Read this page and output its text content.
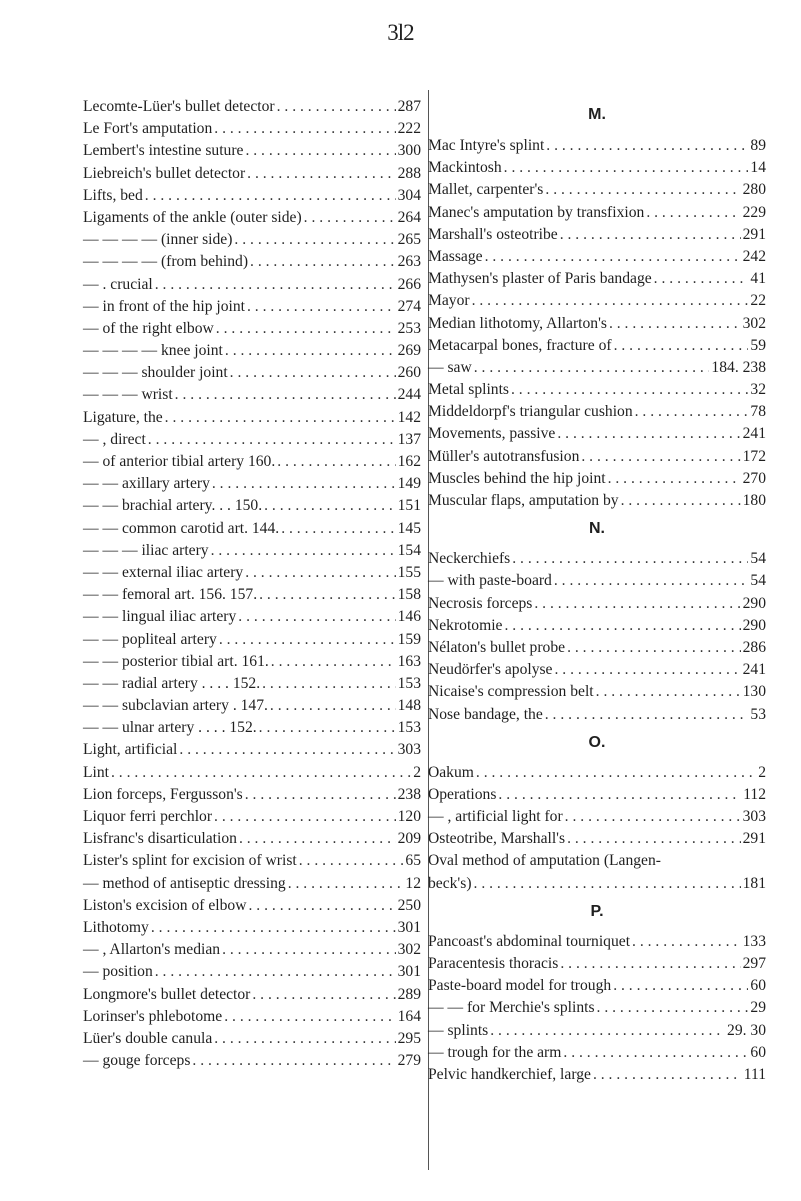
3l2
Lecomte-Lüer's bullet detector . . .	287
Le Fort's amputation . . .	222
Lembert's intestine suture . . .	300
Liebreich's bullet detector . . .	288
Lifts, bed . . .	304
Ligaments of the ankle (outer side) . . .	264
— — — — (inner side) . . .	265
— — — — (from behind) . . .	263
— . crucial . . .	266
— in front of the hip joint . . .	274
— of the right elbow . . .	253
— — — — knee joint . . .	269
— — — shoulder joint . . .	260
— — — wrist . . .	244
Ligature, the . . .	142
— , direct . . .	137
— of anterior tibial artery 160. . . .	162
— — axillary artery . . .	149
— — brachial artery. . . 150. . . .	151
— — common carotid art. 144. . . .	145
— — — iliac artery . . .	154
— — external iliac artery . . .	155
— — femoral art. 156. 157. . . .	158
— — lingual iliac artery . . .	146
— — popliteal artery . . .	159
— — posterior tibial art. 161. . . .	163
— — radial artery . . . . 152. . . .	153
— — subclavian artery . 147. . . .	148
— — ulnar artery . . . . 152. . . .	153
Light, artificial . . .	303
Lint . . .	2
Lion forceps, Fergusson's . . .	238
Liquor ferri perchlor . . .	120
Lisfranc's disarticulation . . .	209
Lister's splint for excision of wrist . . .	65
— method of antiseptic dressing . . .	12
Liston's excision of elbow . . .	250
Lithotomy . . .	301
— , Allarton's median . . .	302
— position . . .	301
Longmore's bullet detector . . .	289
Lorinser's phlebotome . . .	164
Lüer's double canula . . .	295
— gouge forceps . . .	279
M.
Mac Intyre's splint . . .	89
Mackintosh . . .	14
Mallet, carpenter's . . .	280
Manec's amputation by transfixion . . .	229
Marshall's osteotribe . . .	291
Massage . . .	242
Mathysen's plaster of Paris bandage . . .	41
Mayor . . .	22
Median lithotomy, Allarton's . . .	302
Metacarpal bones, fracture of . . .	59
— saw . . .	184. 238
Metal splints . . .	32
Middeldorpf's triangular cushion . . .	78
Movements, passive . . .	241
Müller's autotransfusion . . .	172
Muscles behind the hip joint . . .	270
Muscular flaps, amputation by . . .	180
N.
Neckerchiefs . . .	54
— with paste-board . . .	54
Necrosis forceps . . .	290
Nekrotomie . . .	290
Nélaton's bullet probe . . .	286
Neudörfer's apolyse . . .	241
Nicaise's compression belt . . .	130
Nose bandage, the . . .	53
O.
Oakum . . .	2
Operations . . .	112
— , artificial light for . . .	303
Osteotribe, Marshall's . . .	291
Oval method of amputation (Langen-
beck's) . . .	181
P.
Pancoast's abdominal tourniquet . . .	133
Paracentesis thoracis . . .	297
Paste-board model for trough . . .	60
— — for Merchie's splints . . .	29
— splints . . .	29. 30
— trough for the arm . . .	60
Pelvic handkerchief, large . . .	111
